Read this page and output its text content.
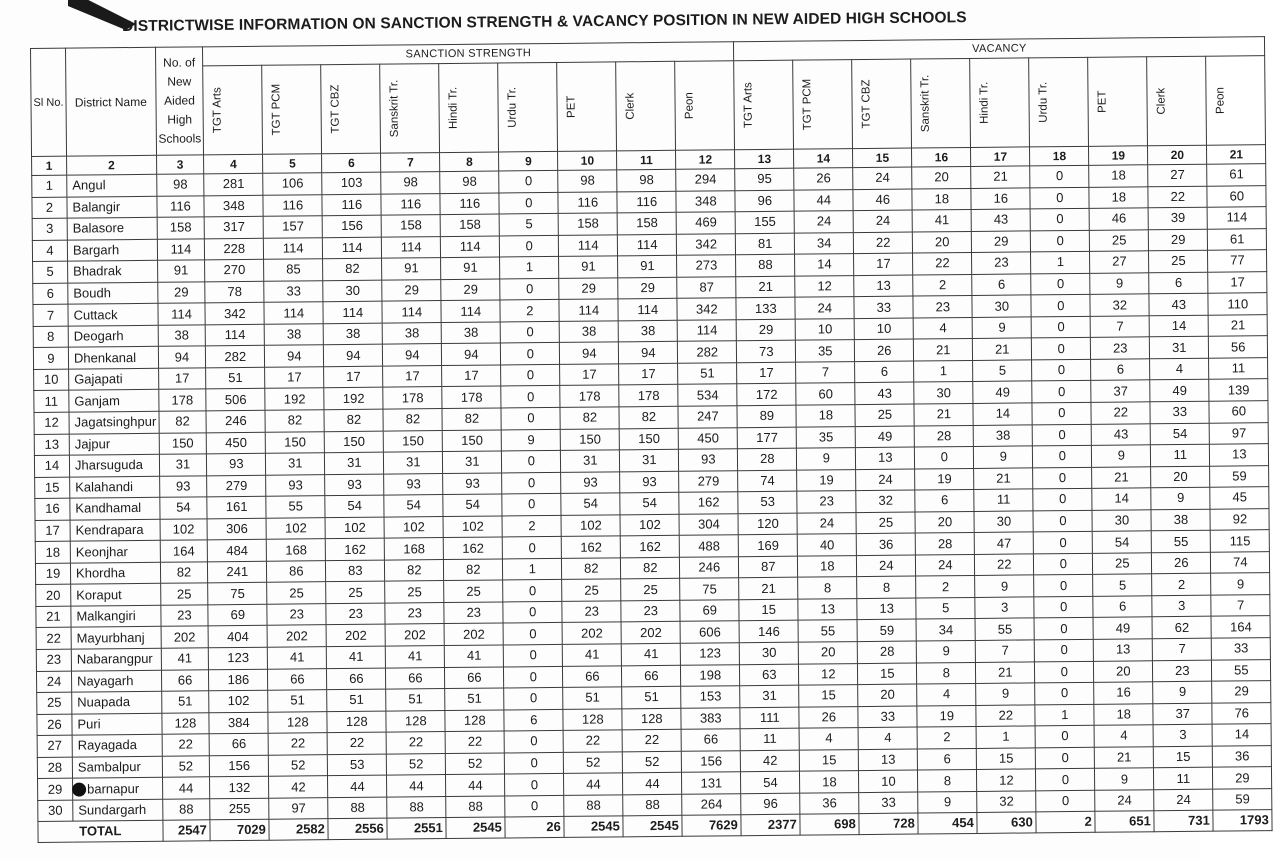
DISTRICTWISE INFORMATION ON SANCTION STRENGTH & VACANCY POSITION IN NEW AIDED HIGH SCHOOLS
Sl No.	District Name	No. of New Aided High Schools	SANCTION STRENGTH									VACANCY								

			TGT Arts	TGT PCM	TGT CBZ	Sanskrit Tr.	Hindi Tr.	Urdu Tr.	PET	Clerk	Peon	TGT Arts	TGT PCM	TGT CBZ	Sanskrit Tr.	Hindi Tr.	Urdu Tr.	PET	Clerk	Peon

1	2	3	4	5	6	7	8	9	10	11	12	13	14	15	16	17	18	19	20	21
1	Angul	98	281	106	103	98	98	0	98	98	294	95	26	24	20	21	0	18	27	61
2	Balangir	116	348	116	116	116	116	0	116	116	348	96	44	46	18	16	0	18	22	60
3	Balasore	158	317	157	156	158	158	5	158	158	469	155	24	24	41	43	0	46	39	114
4	Bargarh	114	228	114	114	114	114	0	114	114	342	81	34	22	20	29	0	25	29	61
5	Bhadrak	91	270	85	82	91	91	1	91	91	273	88	14	17	22	23	1	27	25	77
6	Boudh	29	78	33	30	29	29	0	29	29	87	21	12	13	2	6	0	9	6	17
7	Cuttack	114	342	114	114	114	114	2	114	114	342	133	24	33	23	30	0	32	43	110
8	Deogarh	38	114	38	38	38	38	0	38	38	114	29	10	10	4	9	0	7	14	21
9	Dhenkanal	94	282	94	94	94	94	0	94	94	282	73	35	26	21	21	0	23	31	56
10	Gajapati	17	51	17	17	17	17	0	17	17	51	17	7	6	1	5	0	6	4	11
11	Ganjam	178	506	192	192	178	178	0	178	178	534	172	60	43	30	49	0	37	49	139
12	Jagatsinghpur	82	246	82	82	82	82	0	82	82	247	89	18	25	21	14	0	22	33	60
13	Jajpur	150	450	150	150	150	150	9	150	150	450	177	35	49	28	38	0	43	54	97
14	Jharsuguda	31	93	31	31	31	31	0	31	31	93	28	9	13	0	9	0	9	11	13
15	Kalahandi	93	279	93	93	93	93	0	93	93	279	74	19	24	19	21	0	21	20	59
16	Kandhamal	54	161	55	54	54	54	0	54	54	162	53	23	32	6	11	0	14	9	45
17	Kendrapara	102	306	102	102	102	102	2	102	102	304	120	24	25	20	30	0	30	38	92
18	Keonjhar	164	484	168	162	168	162	0	162	162	488	169	40	36	28	47	0	54	55	115
19	Khordha	82	241	86	83	82	82	1	82	82	246	87	18	24	24	22	0	25	26	74
20	Koraput	25	75	25	25	25	25	0	25	25	75	21	8	8	2	9	0	5	2	9
21	Malkangiri	23	69	23	23	23	23	0	23	23	69	15	13	13	5	3	0	6	3	7
22	Mayurbhanj	202	404	202	202	202	202	0	202	202	606	146	55	59	34	55	0	49	62	164
23	Nabarangpur	41	123	41	41	41	41	0	41	41	123	30	20	28	9	7	0	13	7	33
24	Nayagarh	66	186	66	66	66	66	0	66	66	198	63	12	15	8	21	0	20	23	55
25	Nuapada	51	102	51	51	51	51	0	51	51	153	31	15	20	4	9	0	16	9	29
26	Puri	128	384	128	128	128	128	6	128	128	383	111	26	33	19	22	1	18	37	76
27	Rayagada	22	66	22	22	22	22	0	22	22	66	11	4	4	2	1	0	4	3	14
28	Sambalpur	52	156	52	53	52	52	0	52	52	156	42	15	13	6	15	0	21	15	36
29	barnapur	44	132	42	44	44	44	0	44	44	131	54	18	10	8	12	0	9	11	29
30	Sundargarh	88	255	97	88	88	88	0	88	88	264	96	36	33	9	32	0	24	24	59
TOTAL		2547	7029	2582	2556	2551	2545	26	2545	2545	7629	2377	698	728	454	630	2	651	731	1793
